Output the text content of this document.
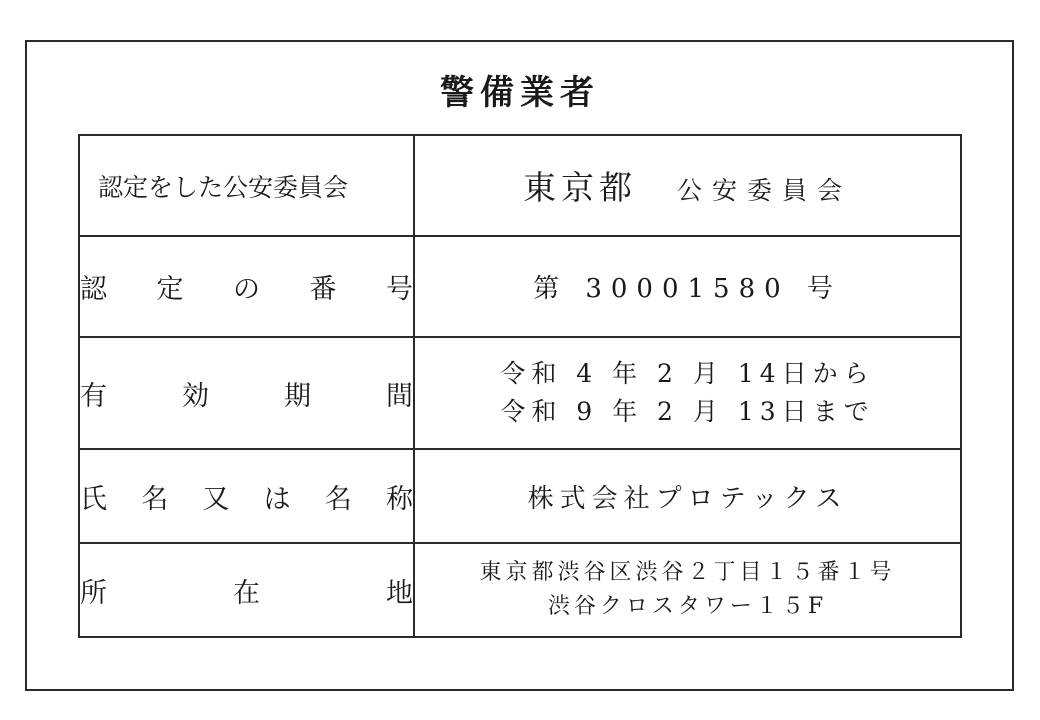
警備業者
認定をした公安委員会	東京都 公安委員会
認定の番号	第 30001580 号
有効期間	令和 4 年 2 月 14日から
令和 9 年 2 月 13日まで

氏名又は名称	株式会社プロテックス
所在地	東京都渋谷区渋谷２丁目１５番１号
渋谷クロスタワー１５F
